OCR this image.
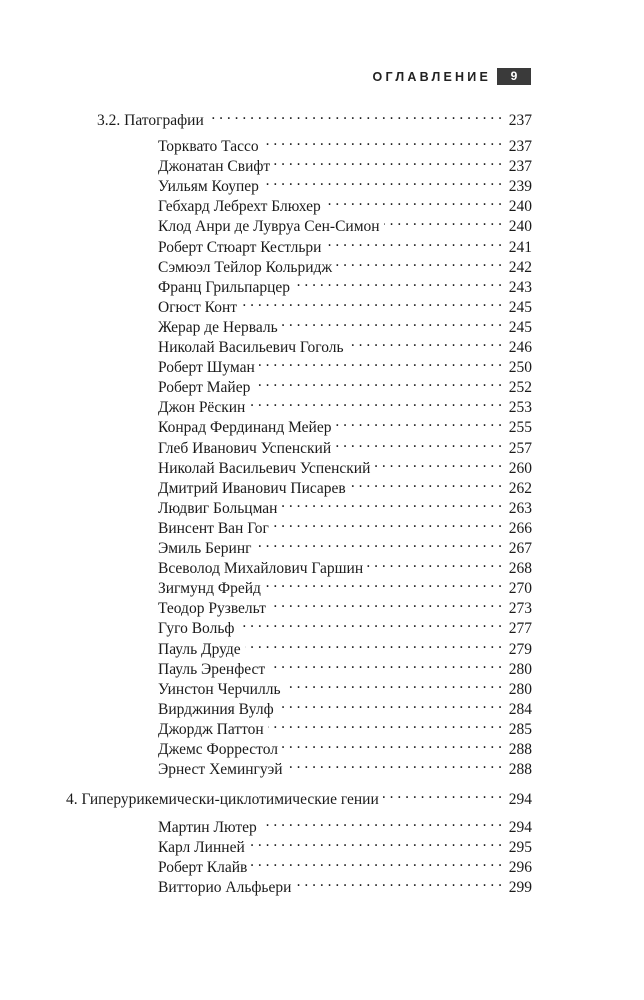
ОГЛАВЛЕНИЕ	9
3.2. Патографии . . .	237
Торквато Тассо . . .	237
Джонатан Свифт . . .	237
Уильям Коупер . . .	239
Гебхард Лебрехт Блюхер . . .	240
Клод Анри де Лувруа Сен-Симон . . .	240
Роберт Стюарт Кестльри . . .	241
Сэмюэл Тейлор Кольридж . . .	242
Франц Грильпарцер . . .	243
Огюст Конт . . .	245
Жерар де Нерваль . . .	245
Николай Васильевич Гоголь . . .	246
Роберт Шуман . . .	250
Роберт Майер . . .	252
Джон Рёскин . . .	253
Конрад Фердинанд Мейер . . .	255
Глеб Иванович Успенский . . .	257
Николай Васильевич Успенский . . .	260
Дмитрий Иванович Писарев . . .	262
Людвиг Больцман . . .	263
Винсент Ван Гог . . .	266
Эмиль Беринг . . .	267
Всеволод Михайлович Гаршин . . .	268
Зигмунд Фрейд . . .	270
Теодор Рузвельт . . .	273
Гуго Вольф . . .	277
Пауль Друде . . .	279
Пауль Эренфест . . .	280
Уинстон Черчилль . . .	280
Вирджиния Вулф . . .	284
Джордж Паттон . . .	285
Джемс Форрестол . . .	288
Эрнест Хемингуэй . . .	288
4. Гиперурикемически-циклотимические гении . . .	294
Мартин Лютер . . .	294
Карл Линней . . .	295
Роберт Клайв . . .	296
Витторио Альфьери . . .	299
